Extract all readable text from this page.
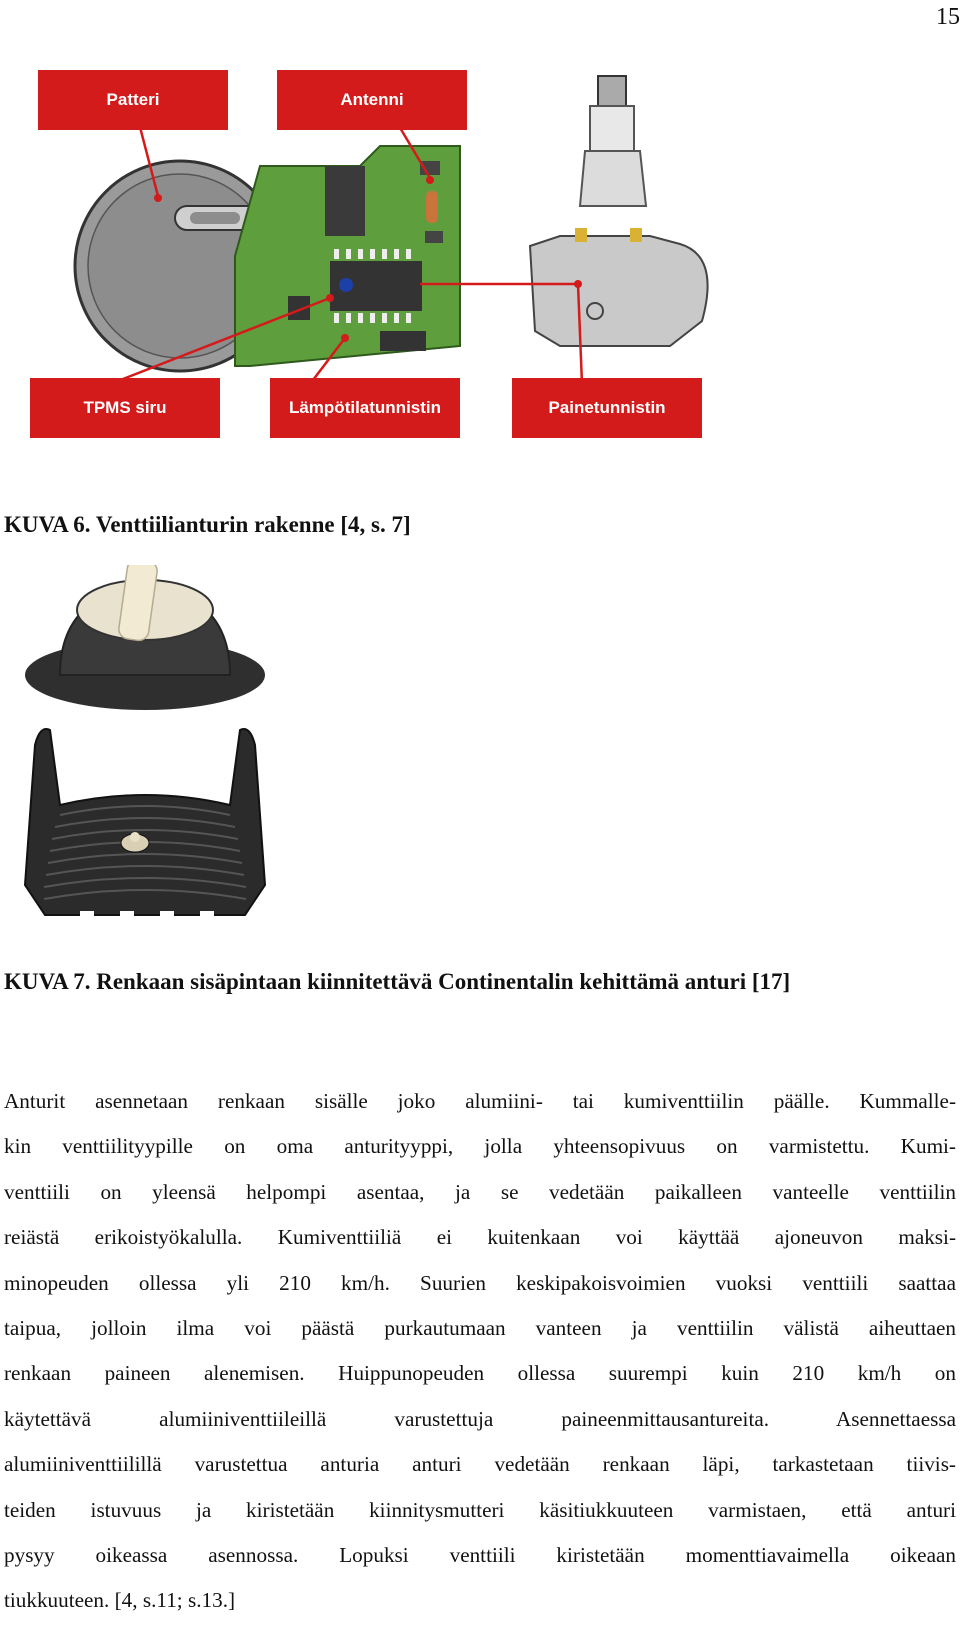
15
Patteri	Antenni
TPMS siru	Lämpötilatunnistin	Painetunnistin
KUVA 6. Venttiilianturin rakenne [4, s. 7]
KUVA 7. Renkaan sisäpintaan kiinnitettävä Continentalin kehittämä anturi [17]
Anturit asennetaan renkaan sisälle joko alumiini- tai kumiventtiilin päälle. Kummalle-
kin venttiilityypille on oma anturityyppi, jolla yhteensopivuus on varmistettu. Kumi-
venttiili on yleensä helpompi asentaa, ja se vedetään paikalleen vanteelle venttiilin
reiästä erikoistyökalulla. Kumiventtiiliä ei kuitenkaan voi käyttää ajoneuvon maksi-
minopeuden ollessa yli 210 km/h. Suurien keskipakoisvoimien vuoksi venttiili saattaa
taipua, jolloin ilma voi päästä purkautumaan vanteen ja venttiilin välistä aiheuttaen
renkaan paineen alenemisen. Huippunopeuden ollessa suurempi kuin 210 km/h on
käytettävä alumiiniventtiileillä varustettuja paineenmittausantureita. Asennettaessa
alumiiniventtiilillä varustettua anturia anturi vedetään renkaan läpi, tarkastetaan tiivis-
teiden istuvuus ja kiristetään kiinnitysmutteri käsitiukkuuteen varmistaen, että anturi
pysyy oikeassa asennossa. Lopuksi venttiili kiristetään momenttiavaimella oikeaan
tiukkuuteen. [4, s.11; s.13.]
